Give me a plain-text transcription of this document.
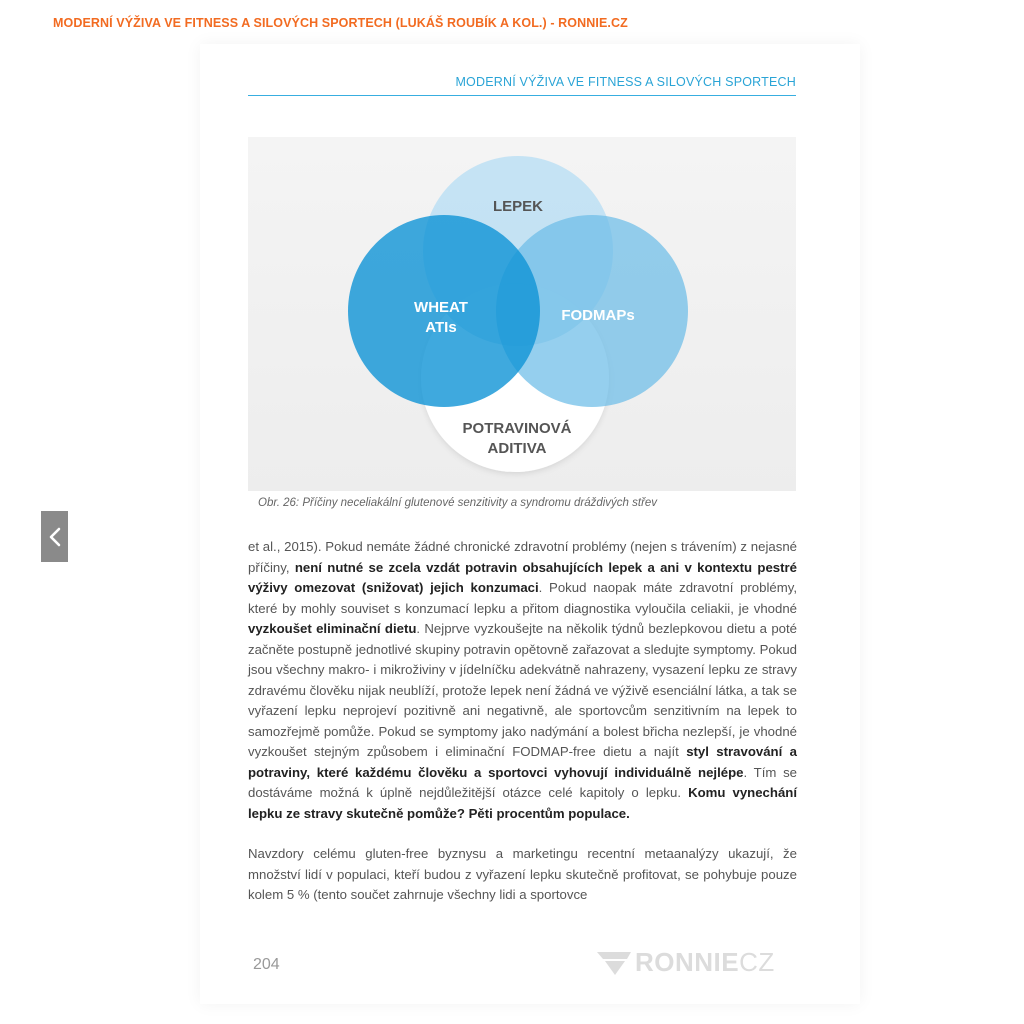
MODERNÍ VÝŽIVA VE FITNESS A SILOVÝCH SPORTECH (LUKÁŠ ROUBÍK A KOL.) - RONNIE.CZ
MODERNÍ VÝŽIVA VE FITNESS A SILOVÝCH SPORTECH
LEPEK
WHEAT
ATIs
FODMAPs
POTRAVINOVÁ
ADITIVA
Obr. 26: Příčiny neceliakální glutenové senzitivity a syndromu dráždivých střev

et al., 2015). Pokud nemáte žádné chronické zdravotní problémy (nejen s trávením) z nejasné příčiny, není nutné se zcela vzdát potravin obsahujících lepek a ani v kontextu pestré výživy omezovat (snižovat) jejich konzumaci. Pokud naopak máte zdravotní problémy, které by mohly souviset s konzumací lepku a přitom diagnostika vyloučila celiakii, je vhodné vyzkoušet eliminační dietu. Nejprve vyzkoušejte na několik týdnů bezlepkovou dietu a poté začněte postupně jednotlivé skupiny potravin opětovně zařazovat a sledujte symptomy. Pokud jsou všechny makro- i mikroživiny v jídelníčku adekvátně nahrazeny, vysazení lepku ze stravy zdravému člověku nijak neublíží, protože lepek není žádná ve výživě esenciální látka, a tak se vyřazení lepku neprojeví pozitivně ani negativně, ale sportovcům senzitivním na lepek to samozřejmě pomůže. Pokud se symptomy jako nadýmání a bolest břicha nezlepší, je vhodné vyzkoušet stejným způsobem i eliminační FODMAP-free dietu a najít styl stravování a potraviny, které každému člověku a sportovci vyhovují individuálně nejlépe. Tím se dostáváme možná k úplně nejdůležitější otázce celé kapitoly o lepku. Komu vynechání lepku ze stravy skutečně pomůže? Pěti procentům populace.

Navzdory celému gluten-free byznysu a marketingu recentní metaanalýzy ukazují, že množství lidí v populaci, kteří budou z vyřazení lepku skutečně profitovat, se pohybuje pouze kolem 5 % (tento součet zahrnuje všechny lidi a sportovce

204	RONNIECZ
